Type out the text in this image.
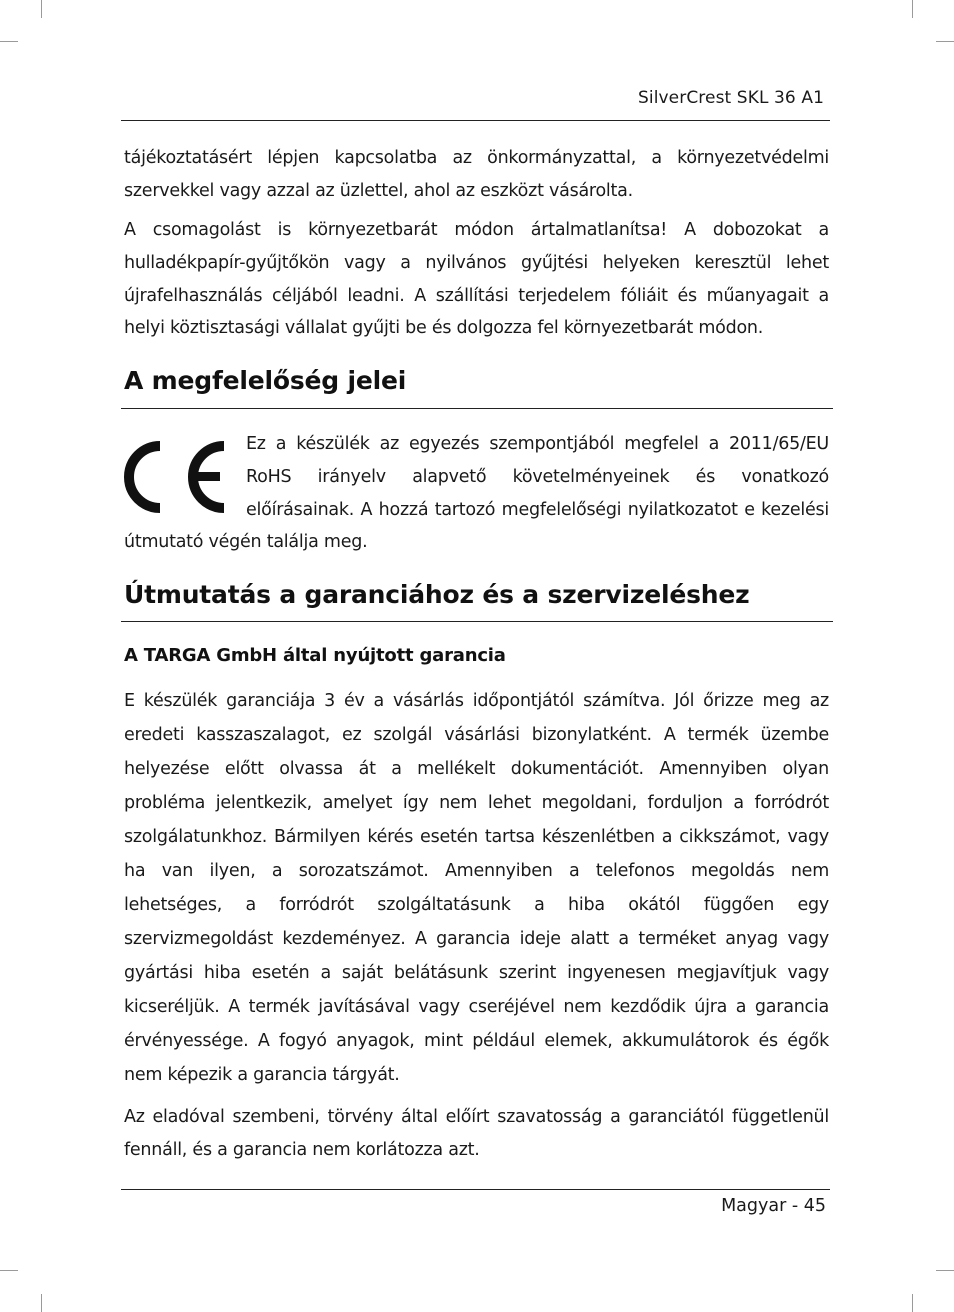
SilverCrest SKL 36 A1

tájékoztatásért lépjen kapcsolatba az önkormányzattal, a környezetvédelmi szervekkel vagy azzal az üzlettel, ahol az eszközt vásárolta.

A csomagolást is környezetbarát módon ártalmatlanítsa! A dobozokat a hulladékpapír-gyűjtőkön vagy a nyilvános gyűjtési helyeken keresztül lehet újrafelhasználás céljából leadni. A szállítási terjedelem fóliáit és műanyagait a helyi köztisztasági vállalat gyűjti be és dolgozza fel környezetbarát módon.

A megfelelőség jelei

Ez a készülék az egyezés szempontjából megfelel a 2011/65/EU RoHS irányelv alapvető követelményeinek és vonatkozó előírásainak. A hozzá tartozó megfelelőségi nyilatkozatot e kezelési útmutató végén találja meg.

Útmutatás a garanciához és a szervizeléshez
A TARGA GmbH által nyújtott garancia

E készülék garanciája 3 év a vásárlás időpontjától számítva. Jól őrizze meg az eredeti kasszaszalagot, ez szolgál vásárlási bizonylatként. A termék üzembe helyezése előtt olvassa át a mellékelt dokumentációt. Amennyiben olyan probléma jelentkezik, amelyet így nem lehet megoldani, forduljon a forródrót szolgálatunkhoz. Bármilyen kérés esetén tartsa készenlétben a cikkszámot, vagy ha van ilyen, a sorozatszámot. Amennyiben a telefonos megoldás nem lehetséges, a forródrót szolgáltatásunk a hiba okától függően egy szervizmegoldást kezdeményez. A garancia ideje alatt a terméket anyag vagy gyártási hiba esetén a saját belátásunk szerint ingyenesen megjavítjuk vagy kicseréljük. A termék javításával vagy cseréjével nem kezdődik újra a garancia érvényessége. A fogyó anyagok, mint például elemek, akkumulátorok és égők nem képezik a garancia tárgyát.

Az eladóval szembeni, törvény által előírt szavatosság a garanciától függetlenül fennáll, és a garancia nem korlátozza azt.

Magyar - 45
